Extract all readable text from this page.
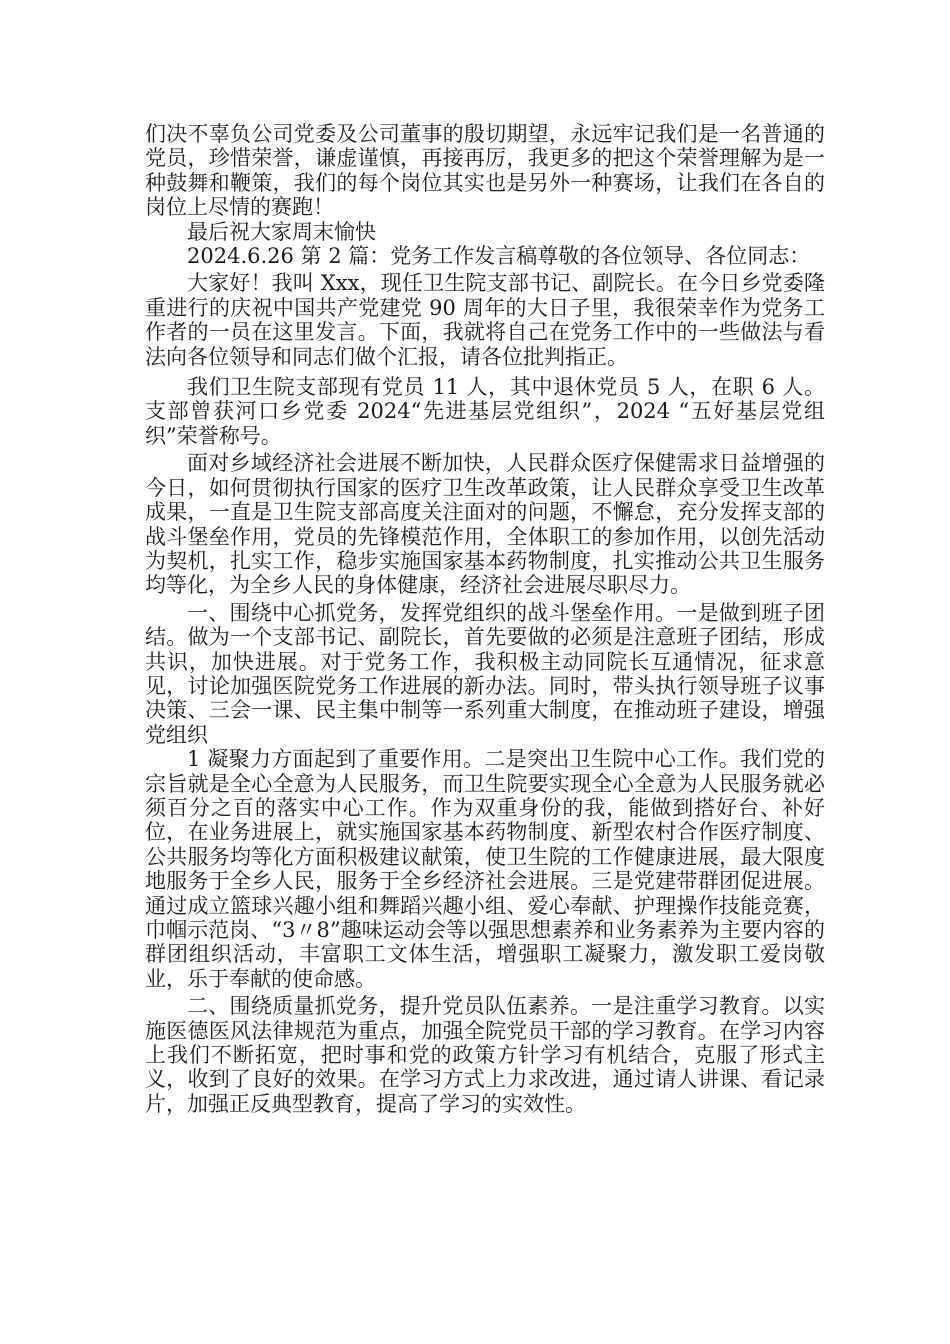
们决不辜负公司党委及公司董事的殷切期望，永远牢记我们是一名普通的党员，珍惜荣誉，谦虚谨慎，再接再厉，我更多的把这个荣誉理解为是一种鼓舞和鞭策，我们的每个岗位其实也是另外一种赛场，让我们在各自的岗位上尽情的赛跑！

最后祝大家周末愉快

2024.6.26 第 2 篇：党务工作发言稿尊敬的各位领导、各位同志：

大家好！我叫 Xxx，现任卫生院支部书记、副院长。在今日乡党委隆重进行的庆祝中国共产党建党 90 周年的大日子里，我很荣幸作为党务工作者的一员在这里发言。下面，我就将自己在党务工作中的一些做法与看法向各位领导和同志们做个汇报，请各位批判指正。

我们卫生院支部现有党员 11 人，其中退休党员 5 人，在职 6 人。支部曾获河口乡党委 2024“先进基层党组织”，2024 “五好基层党组织”荣誉称号。

面对乡域经济社会进展不断加快，人民群众医疗保健需求日益增强的今日，如何贯彻执行国家的医疗卫生改革政策，让人民群众享受卫生改革成果，一直是卫生院支部高度关注面对的问题，不懈怠，充分发挥支部的战斗堡垒作用，党员的先锋模范作用，全体职工的参加作用，以创先活动为契机，扎实工作，稳步实施国家基本药物制度，扎实推动公共卫生服务均等化，为全乡人民的身体健康，经济社会进展尽职尽力。

一、围绕中心抓党务，发挥党组织的战斗堡垒作用。一是做到班子团结。做为一个支部书记、副院长，首先要做的必须是注意班子团结，形成共识，加快进展。对于党务工作，我积极主动同院长互通情况，征求意见，讨论加强医院党务工作进展的新办法。同时，带头执行领导班子议事决策、三会一课、民主集中制等一系列重大制度，在推动班子建设，增强党组织

1 凝聚力方面起到了重要作用。二是突出卫生院中心工作。我们党的宗旨就是全心全意为人民服务，而卫生院要实现全心全意为人民服务就必须百分之百的落实中心工作。作为双重身份的我，能做到搭好台、补好位，在业务进展上，就实施国家基本药物制度、新型农村合作医疗制度、公共服务均等化方面积极建议献策，使卫生院的工作健康进展，最大限度地服务于全乡人民，服务于全乡经济社会进展。三是党建带群团促进展。通过成立篮球兴趣小组和舞蹈兴趣小组、爱心奉献、护理操作技能竞赛，巾帼示范岗、“3〃8”趣味运动会等以强思想素养和业务素养为主要内容的群团组织活动，丰富职工文体生活，增强职工凝聚力，激发职工爱岗敬业，乐于奉献的使命感。

二、围绕质量抓党务，提升党员队伍素养。一是注重学习教育。以实施医德医风法律规范为重点，加强全院党员干部的学习教育。在学习内容上我们不断拓宽，把时事和党的政策方针学习有机结合，克服了形式主义，收到了良好的效果。在学习方式上力求改进，通过请人讲课、看记录片，加强正反典型教育，提高了学习的实效性。
